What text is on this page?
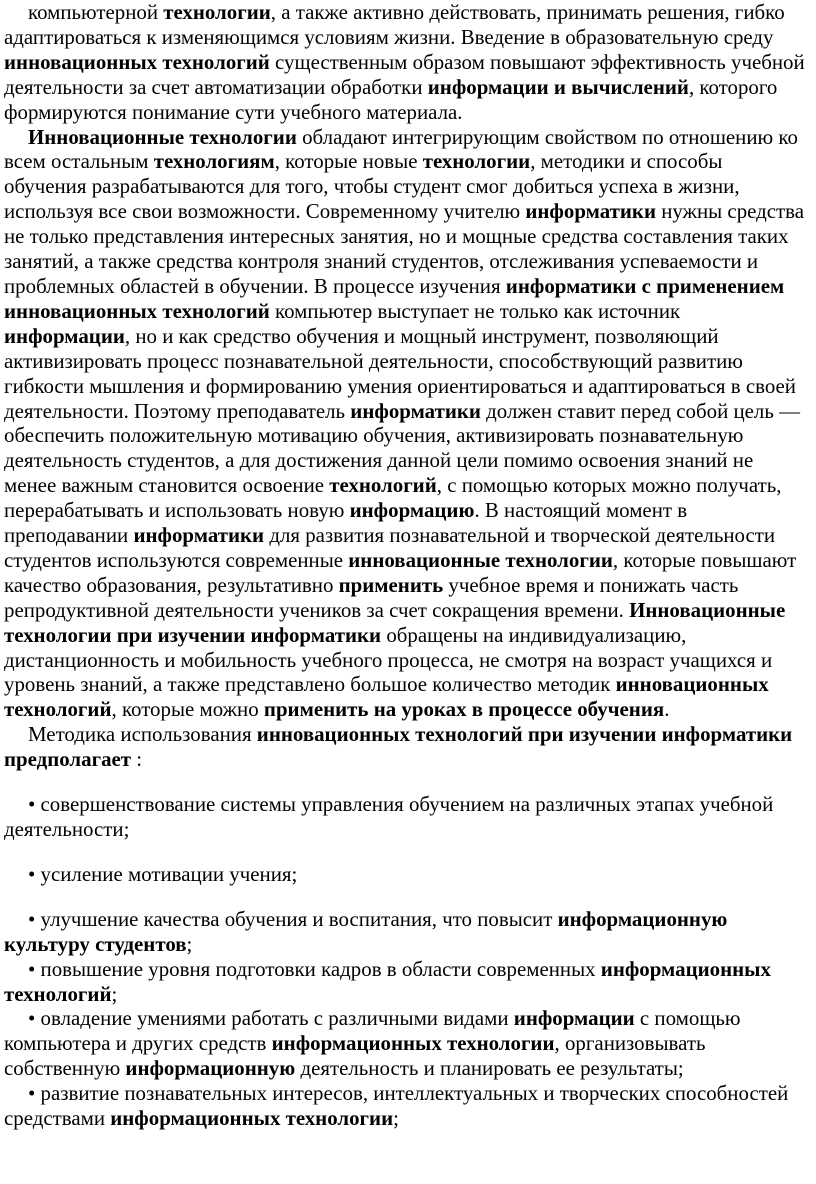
компьютерной технологии, а также активно действовать, принимать решения, гибко адаптироваться к изменяющимся условиям жизни. Введение в образовательную среду инновационных технологий существенным образом повышают эффективность учебной деятельности за счет автоматизации обработки информации и вычислений, которого формируются понимание сути учебного материала.

Инновационные технологии обладают интегрирующим свойством по отношению ко всем остальным технологиям, которые новые технологии, методики и способы обучения разрабатываются для того, чтобы студент смог добиться успеха в жизни, используя все свои возможности. Современному учителю информатики нужны средства не только представления интересных занятия, но и мощные средства составления таких занятий, а также средства контроля знаний студентов, отслеживания успеваемости и проблемных областей в обучении. В процессе изучения информатики с применением инновационных технологий компьютер выступает не только как источник информации, но и как средство обучения и мощный инструмент, позволяющий активизировать процесс познавательной деятельности, способствующий развитию гибкости мышления и формированию умения ориентироваться и адаптироваться в своей деятельности. Поэтому преподаватель информатики должен ставит перед собой цель — обеспечить положительную мотивацию обучения, активизировать познавательную деятельность студентов, а для достижения данной цели помимо освоения знаний не менее важным становится освоение технологий, с помощью которых можно получать, перерабатывать и использовать новую информацию. В настоящий момент в преподавании информатики для развития познавательной и творческой деятельности студентов используются современные инновационные технологии, которые повышают качество образования, результативно применить учебное время и понижать часть репродуктивной деятельности учеников за счет сокращения времени. Инновационные технологии при изучении информатики обращены на индивидуализацию, дистанционность и мобильность учебного процесса, не смотря на возраст учащихся и уровень знаний, а также представлено большое количество методик инновационных технологий, которые можно применить на уроках в процессе обучения.

Методика использования инновационных технологий при изучении информатики предполагает :

• совершенствование системы управления обучением на различных этапах учебной деятельности;

• усиление мотивации учения;

• улучшение качества обучения и воспитания, что повысит информационную культуру студентов;

• повышение уровня подготовки кадров в области современных информационных технологий;

• овладение умениями работать с различными видами информации с помощью компьютера и других средств информационных технологии, организовывать собственную информационную деятельность и планировать ее результаты;

• развитие познавательных интересов, интеллектуальных и творческих способностей средствами информационных технологии;
